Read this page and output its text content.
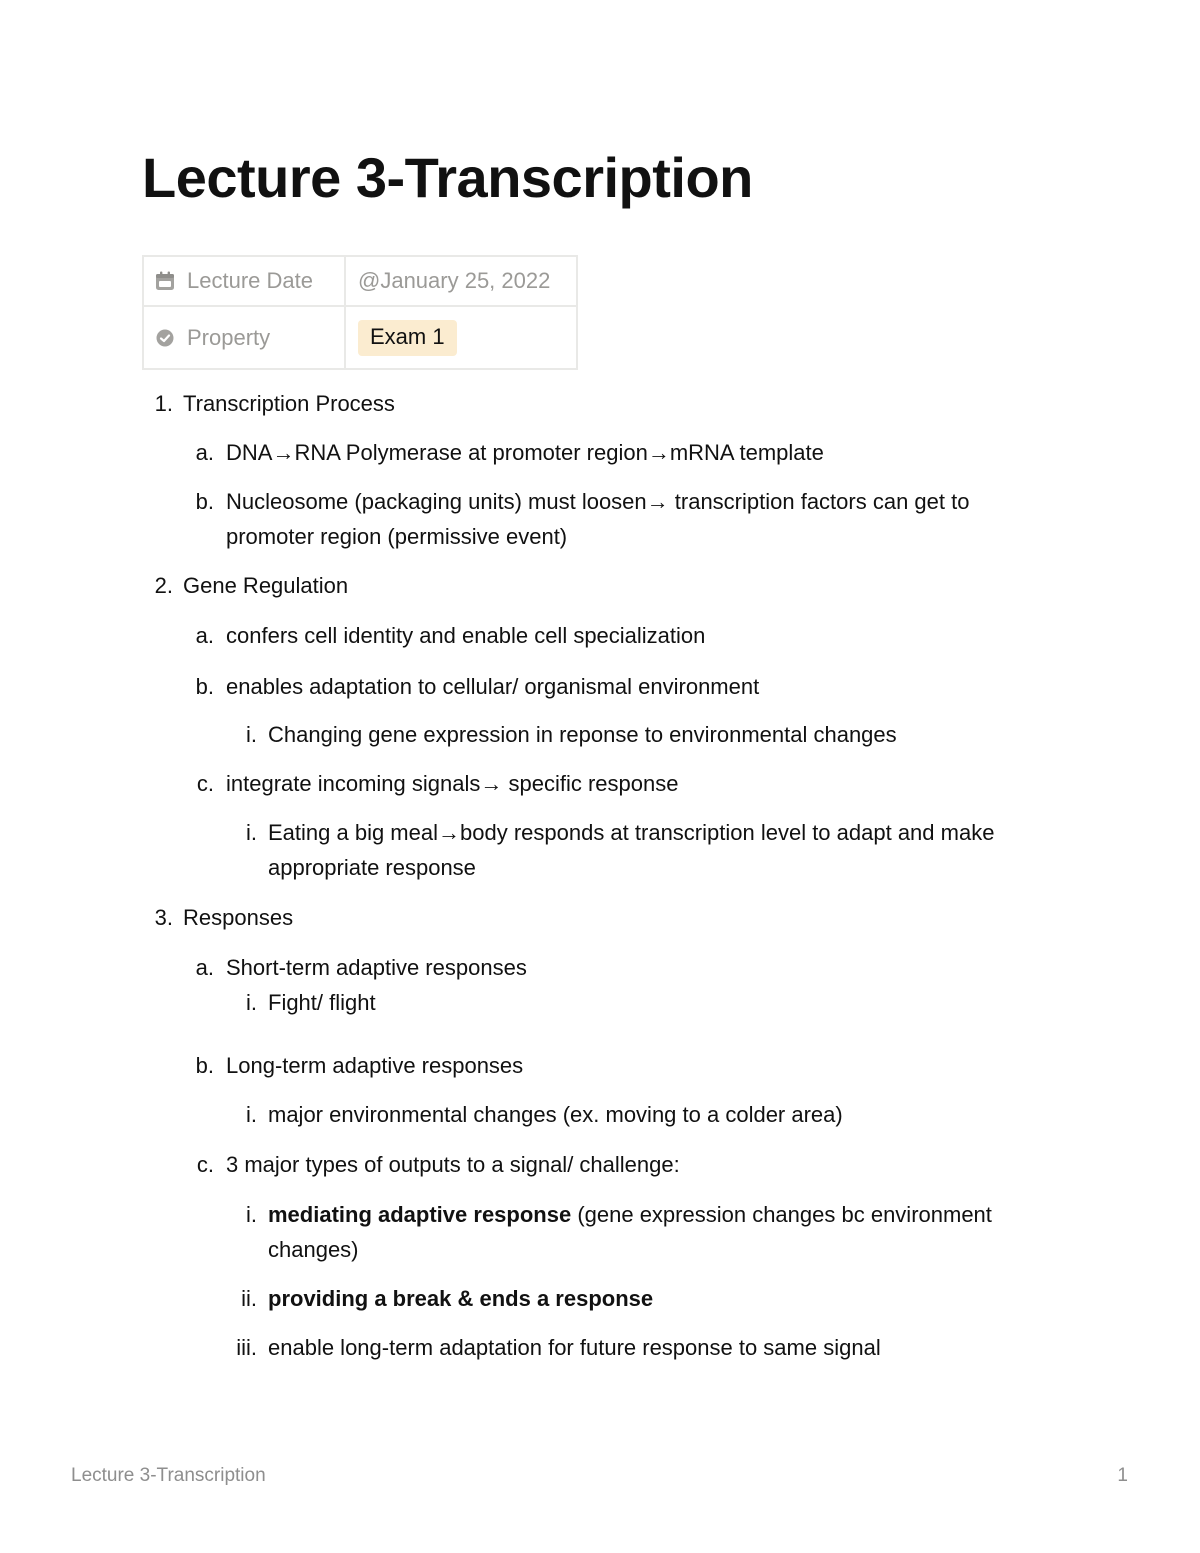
Lecture 3-Transcription
Lecture Date	@January 25, 2022
Property	Exam 1
1. Transcription Process
a. DNA→RNA Polymerase at promoter region→mRNA template
b. Nucleosome (packaging units) must loosen→ transcription factors can get to
promoter region (permissive event)
2. Gene Regulation
a. confers cell identity and enable cell specialization
b. enables adaptation to cellular/ organismal environment
i. Changing gene expression in reponse to environmental changes
c. integrate incoming signals→ specific response
i. Eating a big meal→body responds at transcription level to adapt and make
appropriate response
3. Responses
a. Short-term adaptive responses
i. Fight/ flight
b. Long-term adaptive responses
i. major environmental changes (ex. moving to a colder area)
c. 3 major types of outputs to a signal/ challenge:
i. mediating adaptive response (gene expression changes bc environment
changes)
ii. providing a break & ends a response
iii. enable long-term adaptation for future response to same signal
Lecture 3-Transcription	1
